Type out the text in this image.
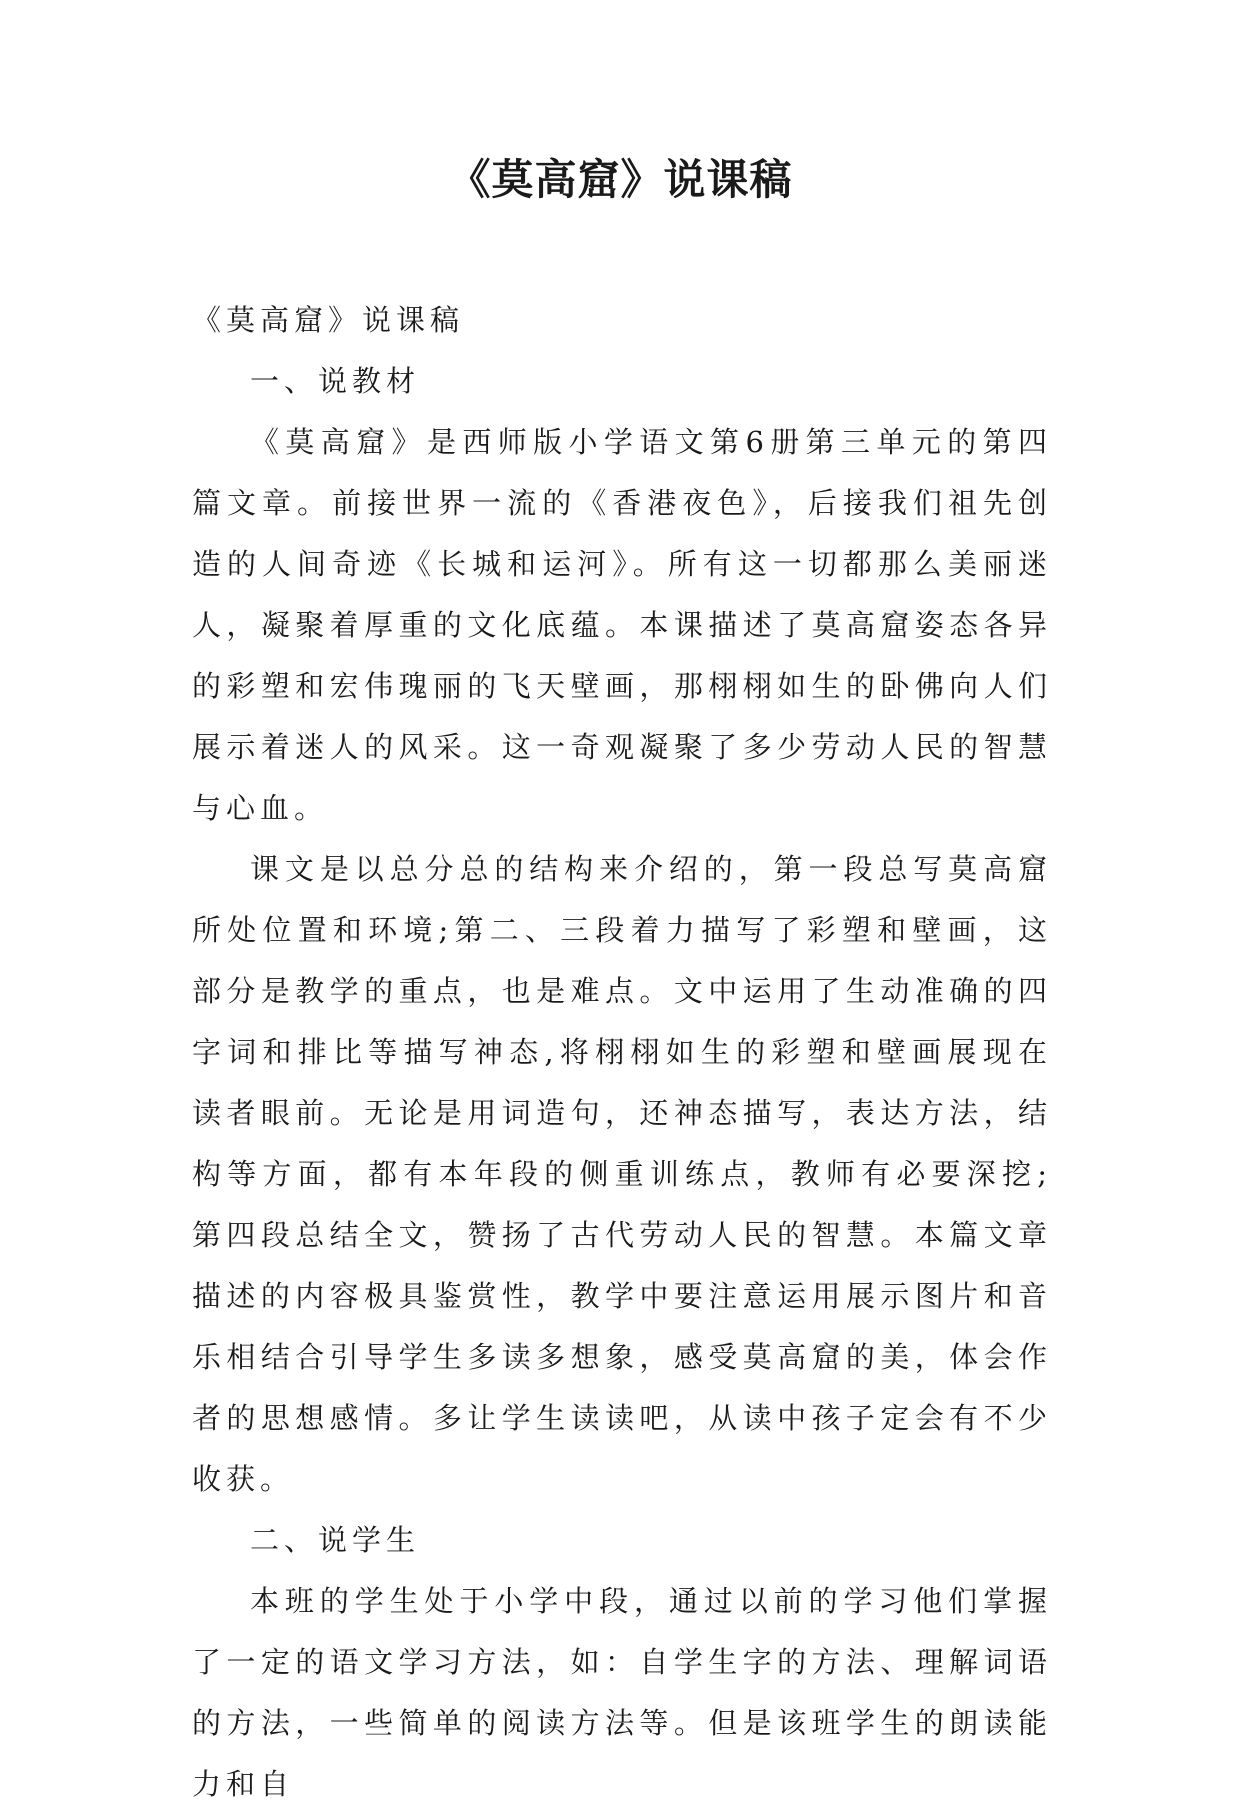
《莫高窟》说课稿

《莫高窟》说课稿

一、说教材

《莫高窟》是西师版小学语文第6册第三单元的第四篇文章。前接世界一流的《香港夜色》，后接我们祖先创造的人间奇迹《长城和运河》。所有这一切都那么美丽迷人，凝聚着厚重的文化底蕴。本课描述了莫高窟姿态各异的彩塑和宏伟瑰丽的飞天壁画，那栩栩如生的卧佛向人们展示着迷人的风采。这一奇观凝聚了多少劳动人民的智慧与心血。

课文是以总分总的结构来介绍的，第一段总写莫高窟所处位置和环境;第二、三段着力描写了彩塑和壁画，这部分是教学的重点，也是难点。文中运用了生动准确的四字词和排比等描写神态,将栩栩如生的彩塑和壁画展现在读者眼前。无论是用词造句，还神态描写，表达方法，结构等方面，都有本年段的侧重训练点，教师有必要深挖;第四段总结全文，赞扬了古代劳动人民的智慧。本篇文章描述的内容极具鉴赏性，教学中要注意运用展示图片和音乐相结合引导学生多读多想象，感受莫高窟的美，体会作者的思想感情。多让学生读读吧，从读中孩子定会有不少收获。

二、说学生

本班的学生处于小学中段，通过以前的学习他们掌握了一定的语文学习方法，如：自学生字的方法、理解词语的方法，一些简单的阅读方法等。但是该班学生的朗读能力和自
